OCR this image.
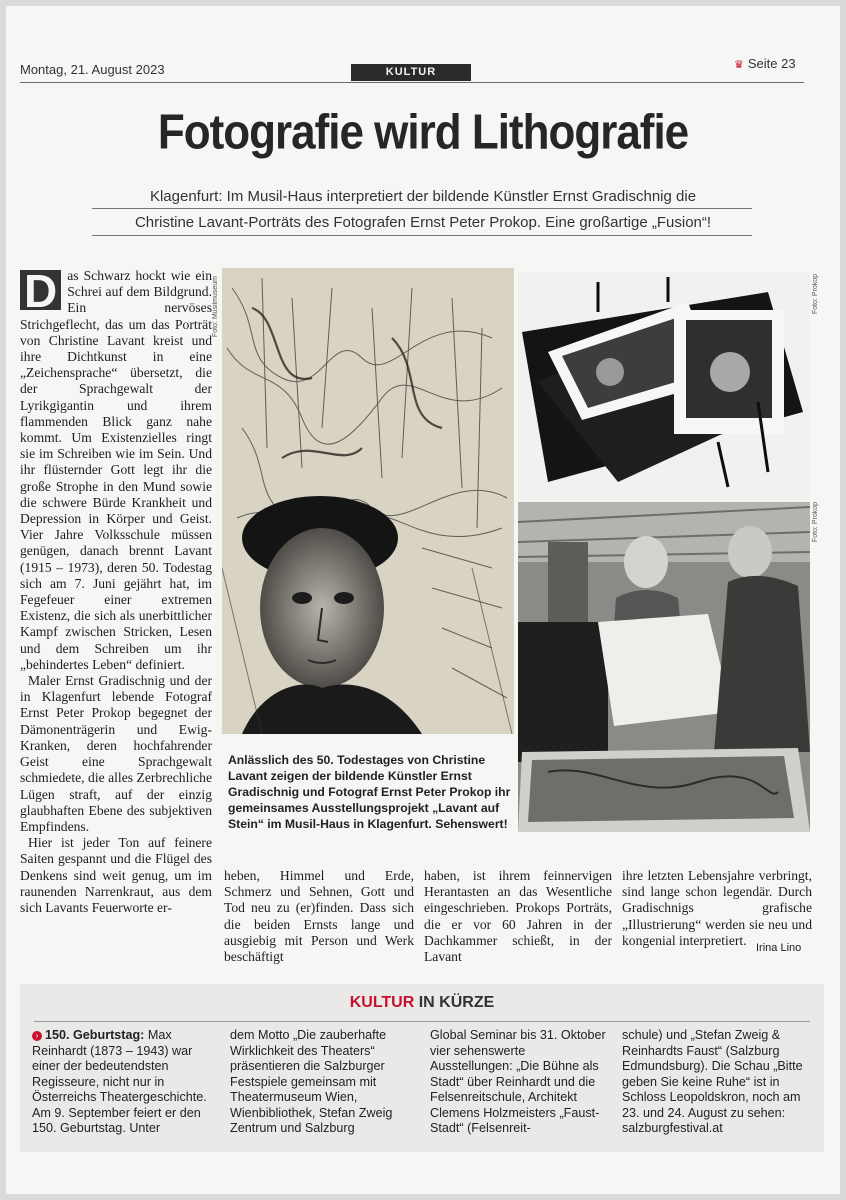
Montag, 21. August 2023	KULTUR
♛ Seite 23
Fotografie wird Lithografie
Klagenfurt: Im Musil-Haus interpretiert der bildende Künstler Ernst Gradischnig die
Christine Lavant-Porträts des Fotografen Ernst Peter Prokop. Eine großartige „Fusion“!

D as Schwarz hockt wie ein Schrei auf dem Bildgrund. Ein nervöses Strichgeflecht, das um das Porträt von Christine Lavant kreist und ihre Dichtkunst in eine „Zeichensprache“ übersetzt, die der Sprachgewalt der Lyrikgigantin und ihrem flammenden Blick ganz nahe kommt. Um Existenzielles ringt sie im Schreiben wie im Sein. Und ihr flüsternder Gott legt ihr die große Strophe in den Mund sowie die schwere Bürde Krankheit und Depression in Körper und Geist. Vier Jahre Volksschule müssen genügen, danach brennt Lavant (1915 – 1973), deren 50. Todestag sich am 7. Juni gejährt hat, im Fegefeuer einer extremen Existenz, die sich als unerbittlicher Kampf zwischen Stricken, Lesen und dem Schreiben um ihr „behindertes Leben“ definiert.

Maler Ernst Gradischnig und der in Klagenfurt lebende Fotograf Ernst Peter Prokop begegnet der Dämonenträgerin und Ewig-Kranken, deren hochfahrender Geist eine Sprachgewalt schmiedete, die alles Zerbrechliche Lügen straft, auf der einzig glaubhaften Ebene des subjektiven Empfindens.

Hier ist jeder Ton auf feinere Saiten gespannt und die Flügel des Denkens sind weit genug, um im raunenden Narrenkraut, aus dem sich Lavants Feuerworte er-

Foto: Musilmuseum	Foto: Prokop
Foto: Prokop
Anlässlich des 50. Todestages von Christine Lavant zeigen der bildende Künstler Ernst Gradischnig und Fotograf Ernst Peter Prokop ihr gemeinsames Ausstellungsprojekt „Lavant auf Stein“ im Musil-Haus in Klagenfurt. Sehenswert!

heben, Himmel und Erde, Schmerz und Sehnen, Gott und Tod neu zu (er)finden. Dass sich die beiden Ernsts lange und ausgiebig mit Person und Werk beschäftigt

haben, ist ihrem feinnervigen Herantasten an das Wesentliche eingeschrieben. Prokops Porträts, die er vor 60 Jahren in der Dachkammer schießt, in der Lavant

ihre letzten Lebensjahre verbringt, sind lange schon legendär. Durch Gradischnigs grafische „Illustrierung“ werden sie neu und kongenial interpretiert.

Irina Lino
KULTUR IN KÜRZE
› 150. Geburtstag: Max Reinhardt (1873 – 1943) war einer der bedeutendsten Regisseure, nicht nur in Österreichs Theatergeschichte. Am 9. September feiert er den 150. Geburtstag. Unter
dem Motto „Die zauberhafte Wirklichkeit des Theaters“ präsentieren die Salzburger Festspiele gemeinsam mit Theatermuseum Wien, Wienbibliothek, Stefan Zweig Zentrum und Salzburg
Global Seminar bis 31. Oktober vier sehenswerte Ausstellungen: „Die Bühne als Stadt“ über Reinhardt und die Felsenreitschule, Architekt Clemens Holzmeisters „Faust-Stadt“ (Felsenreit-
schule) und „Stefan Zweig & Reinhardts Faust“ (Salzburg Edmundsburg). Die Schau „Bitte geben Sie keine Ruhe“ ist in Schloss Leopoldskron, noch am 23. und 24. August zu sehen: salzburgfestival.at
